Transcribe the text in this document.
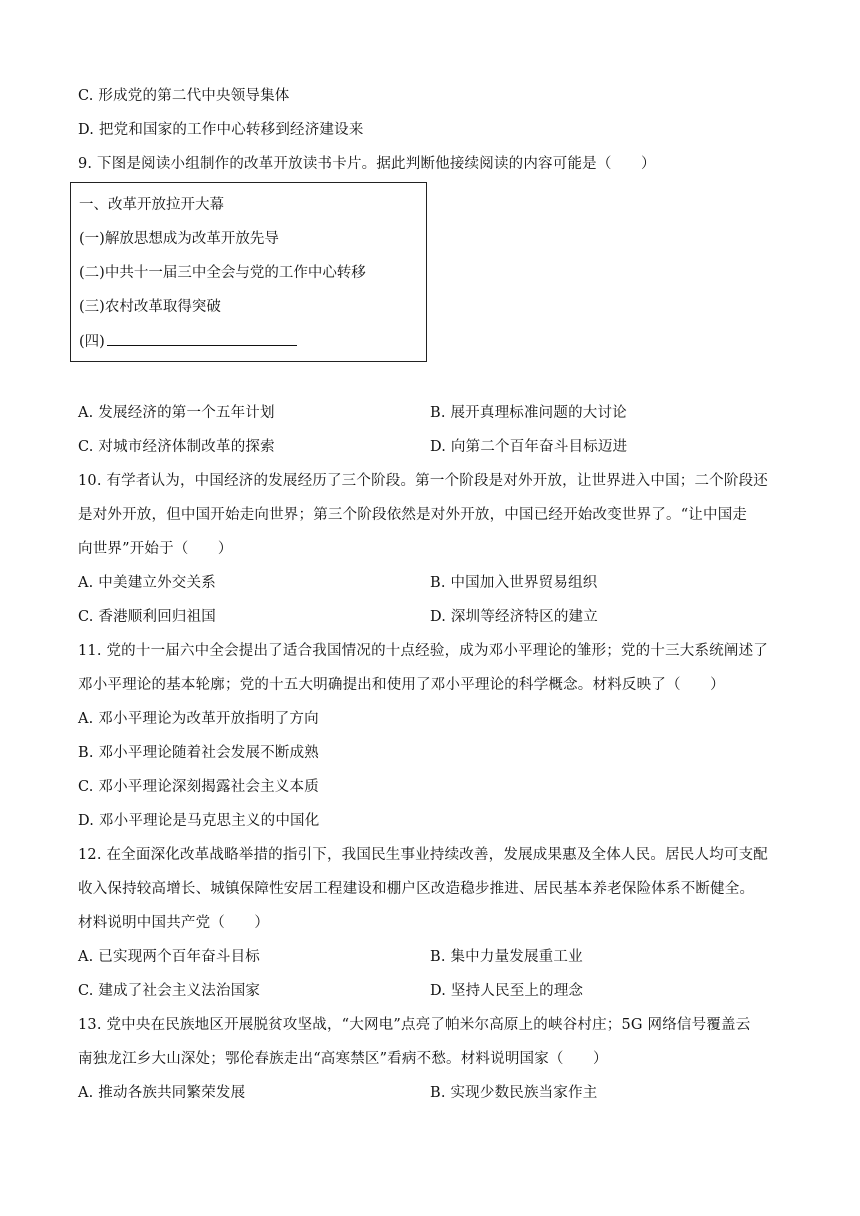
C. 形成党的第二代中央领导集体
D. 把党和国家的工作中心转移到经济建设来
9. 下图是阅读小组制作的改革开放读书卡片。据此判断他接续阅读的内容可能是（　　）
一、改革开放拉开大幕
(一)解放思想成为改革开放先导
(二)中共十一届三中全会与党的工作中心转移
(三)农村改革取得突破
(四)
A. 发展经济的第一个五年计划	B. 展开真理标准问题的大讨论
C. 对城市经济体制改革的探索	D. 向第二个百年奋斗目标迈进
10. 有学者认为，中国经济的发展经历了三个阶段。第一个阶段是对外开放，让世界进入中国；二个阶段还
是对外开放，但中国开始走向世界；第三个阶段依然是对外开放，中国已经开始改变世界了。“让中国走
向世界”开始于（　　）
A. 中美建立外交关系	B. 中国加入世界贸易组织
C. 香港顺利回归祖国	D. 深圳等经济特区的建立
11. 党的十一届六中全会提出了适合我国情况的十点经验，成为邓小平理论的雏形；党的十三大系统阐述了
邓小平理论的基本轮廓；党的十五大明确提出和使用了邓小平理论的科学概念。材料反映了（　　）
A. 邓小平理论为改革开放指明了方向
B. 邓小平理论随着社会发展不断成熟
C. 邓小平理论深刻揭露社会主义本质
D. 邓小平理论是马克思主义的中国化
12. 在全面深化改革战略举措的指引下，我国民生事业持续改善，发展成果惠及全体人民。居民人均可支配
收入保持较高增长、城镇保障性安居工程建设和棚户区改造稳步推进、居民基本养老保险体系不断健全。
材料说明中国共产党（　　）
A. 已实现两个百年奋斗目标	B. 集中力量发展重工业
C. 建成了社会主义法治国家	D. 坚持人民至上的理念
13. 党中央在民族地区开展脱贫攻坚战，“大网电”点亮了帕米尔高原上的峡谷村庄；5G 网络信号覆盖云
南独龙江乡大山深处；鄂伦春族走出“高寒禁区”看病不愁。材料说明国家（　　）
A. 推动各族共同繁荣发展	B. 实现少数民族当家作主
